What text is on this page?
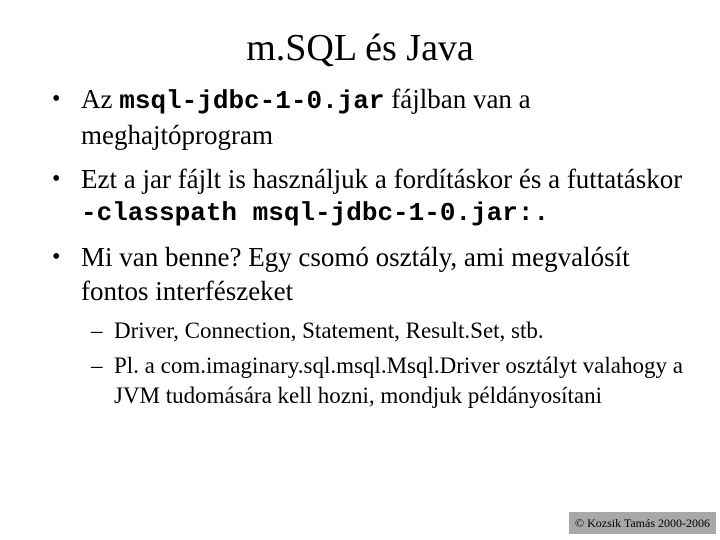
m.SQL és Java
• Az msql-jdbc-1-0.jar fájlban van a meghajtóprogram
• Ezt a jar fájlt is használjuk a fordításkor és a futtatáskor
-classpath msql-jdbc-1-0.jar:.
• Mi van benne? Egy csomó osztály, ami megvalósít fontos interfészeket
– Driver, Connection, Statement, Result.Set, stb.
– Pl. a com.imaginary.sql.msql.Msql.Driver osztályt valahogy a JVM tudomására kell hozni, mondjuk példányosítani
© Kozsik Tamás 2000-2006
